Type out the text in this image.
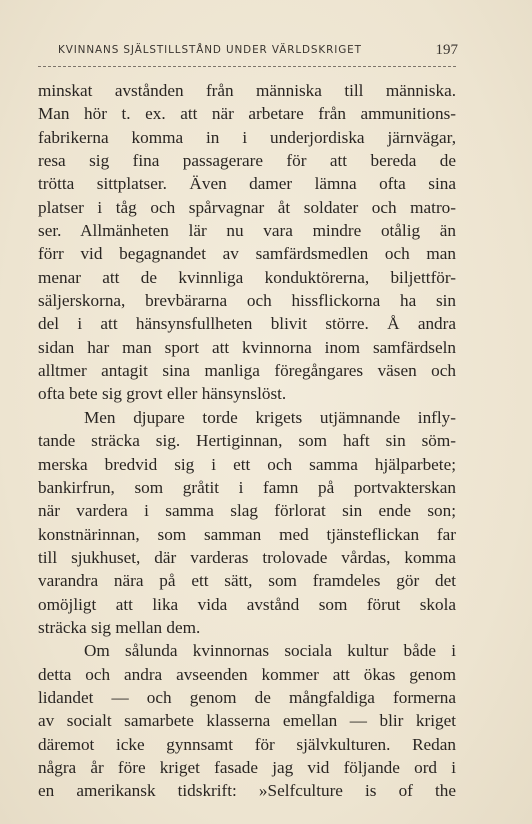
KVINNANS SJÄLSTILLSTÅND UNDER VÄRLDSKRIGET	197
minskat avstånden från människa till människa.
Man hör t. ex. att när arbetare från ammunitions-
fabrikerna komma in i underjordiska järnvägar,
resa sig fina passagerare för att bereda de
trötta sittplatser. Även damer lämna ofta sina
platser i tåg och spårvagnar åt soldater och matro-
ser. Allmänheten lär nu vara mindre otålig än
förr vid begagnandet av samfärdsmedlen och man
menar att de kvinnliga konduktörerna, biljettför-
säljerskorna, brevbärarna och hissflickorna ha sin
del i att hänsynsfullheten blivit större. Å andra
sidan har man sport att kvinnorna inom samfärdseln
alltmer antagit sina manliga föregångares väsen och
ofta bete sig grovt eller hänsynslöst.
Men djupare torde krigets utjämnande infly-
tande sträcka sig. Hertiginnan, som haft sin söm-
merska bredvid sig i ett och samma hjälparbete;
bankirfrun, som gråtit i famn på portvakterskan
när vardera i samma slag förlorat sin ende son;
konstnärinnan, som samman med tjänsteflickan far
till sjukhuset, där varderas trolovade vårdas, komma
varandra nära på ett sätt, som framdeles gör det
omöjligt att lika vida avstånd som förut skola
sträcka sig mellan dem.
Om sålunda kvinnornas sociala kultur både i
detta och andra avseenden kommer att ökas genom
lidandet — och genom de mångfaldiga formerna
av socialt samarbete klasserna emellan — blir kriget
däremot icke gynnsamt för självkulturen. Redan
några år före kriget fasade jag vid följande ord i
en amerikansk tidskrift: »Selfculture is of the
